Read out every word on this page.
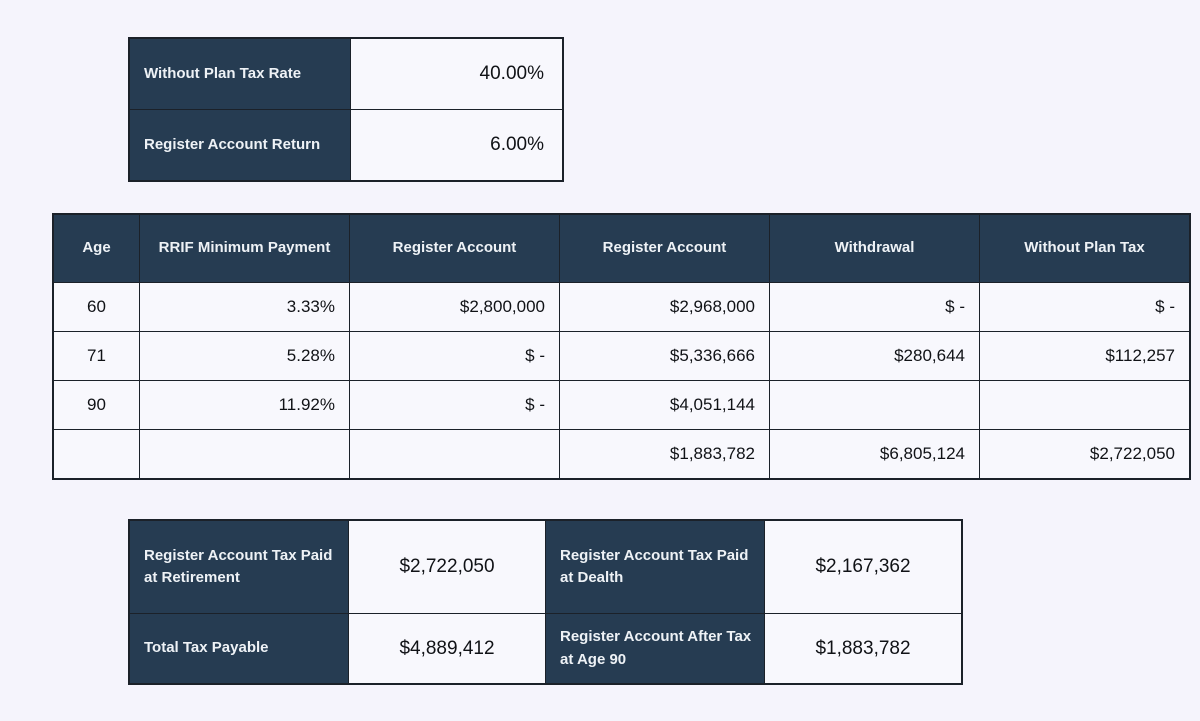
Without Plan Tax Rate	40.00%
Register Account Return	6.00%
Age	RRIF Minimum Payment	Register Account	Register Account	Withdrawal	Without Plan Tax
60	3.33%	$2,800,000	$2,968,000	$ -	$ -
71	5.28%	$ -	$5,336,666	$280,644	$112,257
90	11.92%	$ -	$4,051,144		
			$1,883,782	$6,805,124	$2,722,050
Register Account Tax Paid at Retirement	$2,722,050	Register Account Tax Paid at Dealth	$2,167,362
Total Tax Payable	$4,889,412	Register Account After Tax at Age 90	$1,883,782
